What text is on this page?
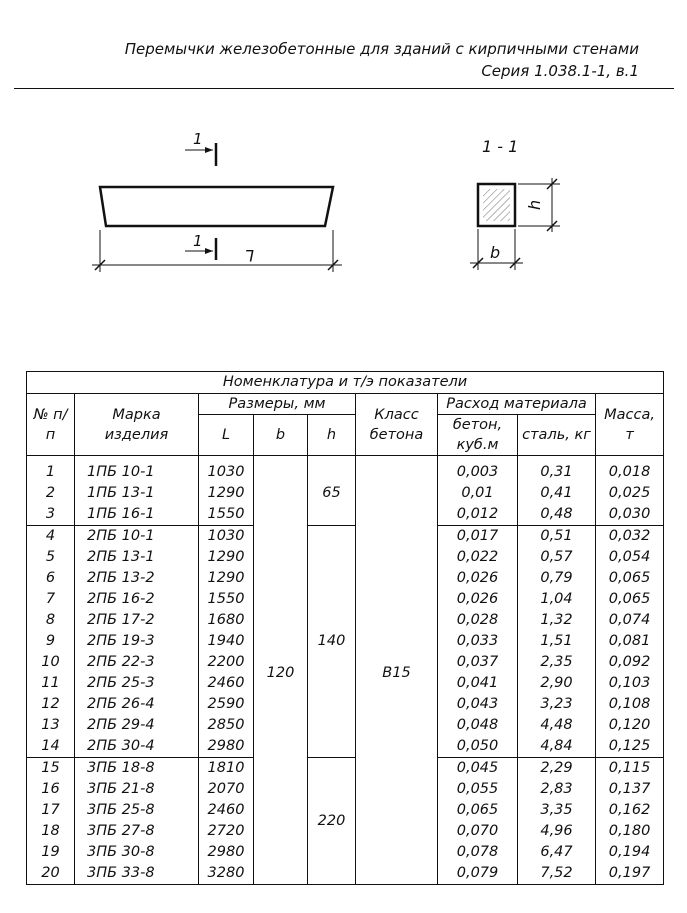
Перемычки железобетонные для зданий с кирпичными стенами
Серия 1.038.1-1, в.1
L
1
1
1 - 1
h
b
Номенклатура и т/э показатели								
№ п/п	Марка изделия	Размеры, мм			Класс бетона	Расход материала		Масса, т
		L	b	h		бетон, куб.м	сталь, кг	
1	1ПБ 10-1	1030	120	65	B15	0,003	0,31	0,018
2	1ПБ 13-1	1290				0,01	0,41	0,025
3	1ПБ 16-1	1550				0,012	0,48	0,030
4	2ПБ 10-1	1030		140		0,017	0,51	0,032
5	2ПБ 13-1	1290				0,022	0,57	0,054
6	2ПБ 13-2	1290				0,026	0,79	0,065
7	2ПБ 16-2	1550				0,026	1,04	0,065
8	2ПБ 17-2	1680				0,028	1,32	0,074
9	2ПБ 19-3	1940				0,033	1,51	0,081
10	2ПБ 22-3	2200				0,037	2,35	0,092
11	2ПБ 25-3	2460				0,041	2,90	0,103
12	2ПБ 26-4	2590				0,043	3,23	0,108
13	2ПБ 29-4	2850				0,048	4,48	0,120
14	2ПБ 30-4	2980				0,050	4,84	0,125
15	3ПБ 18-8	1810		220		0,045	2,29	0,115
16	3ПБ 21-8	2070				0,055	2,83	0,137
17	3ПБ 25-8	2460				0,065	3,35	0,162
18	3ПБ 27-8	2720				0,070	4,96	0,180
19	3ПБ 30-8	2980				0,078	6,47	0,194
20	3ПБ 33-8	3280				0,079	7,52	0,197
